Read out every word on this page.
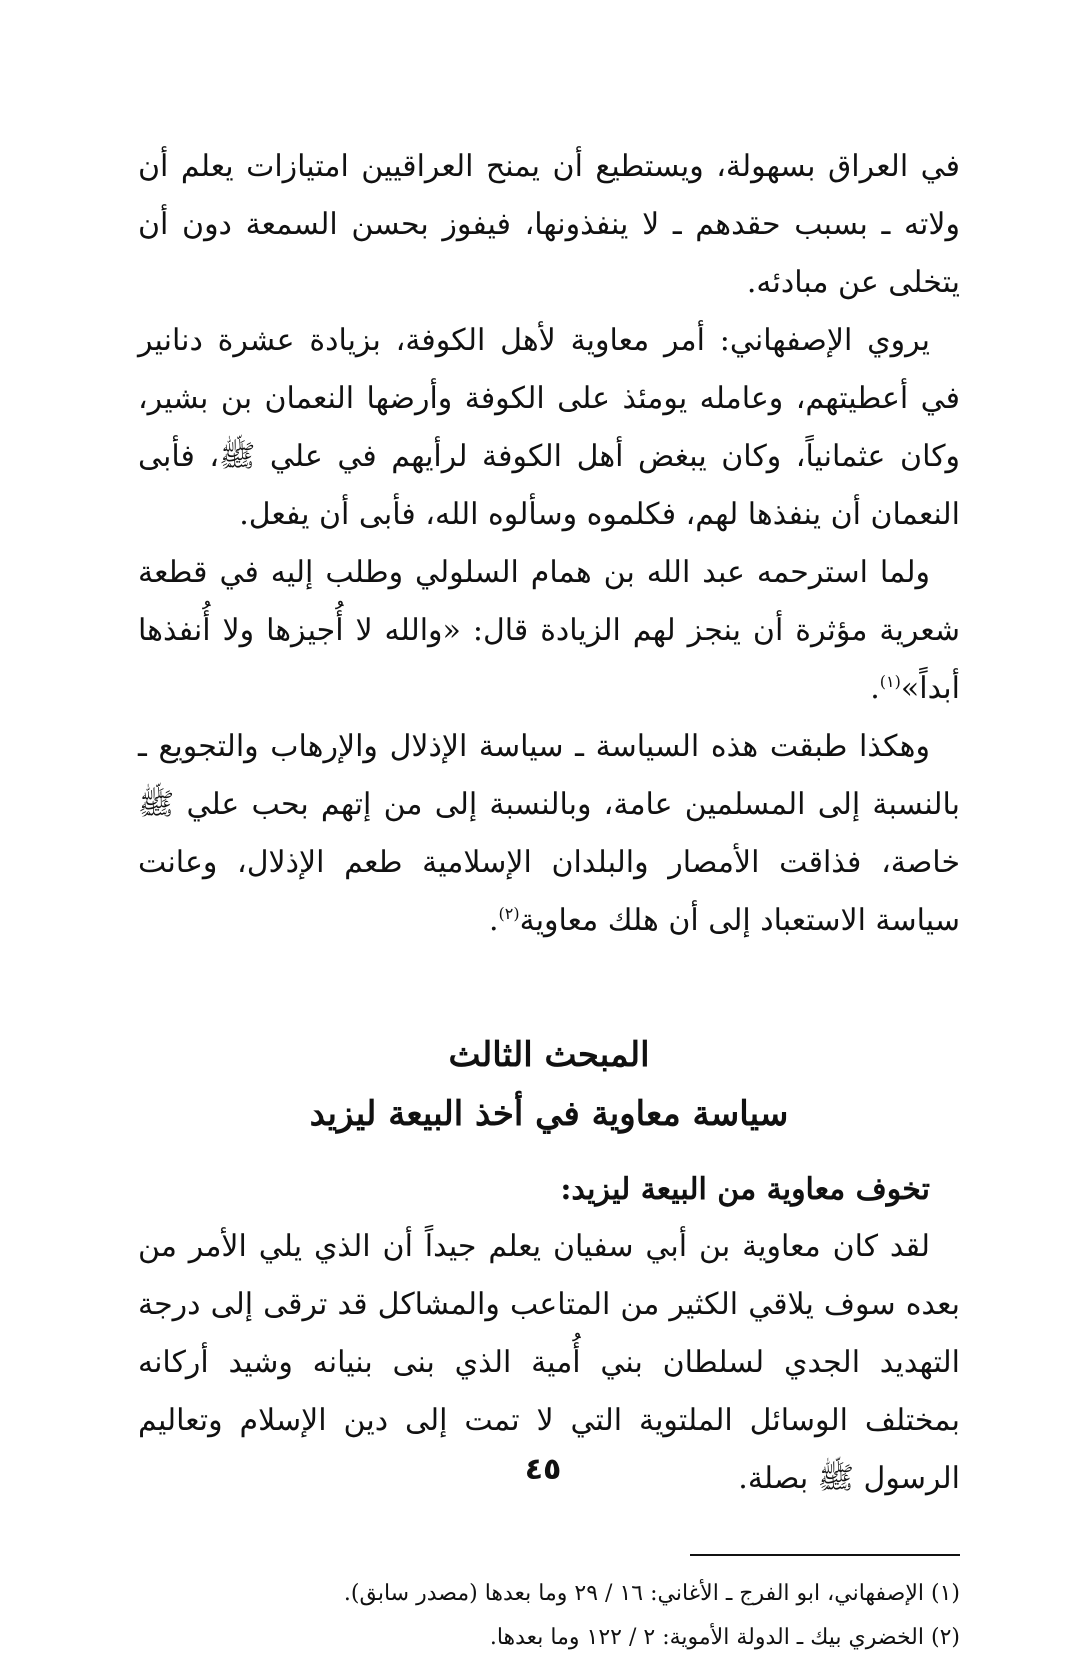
في العراق بسهولة، ويستطيع أن يمنح العراقيين امتيازات يعلم أن ولاته ـ بسبب حقدهم ـ لا ينفذونها، فيفوز بحسن السمعة دون أن يتخلى عن مبادئه.

يروي الإصفهاني: أمر معاوية لأهل الكوفة، بزيادة عشرة دنانير في أعطيتهم، وعامله يومئذ على الكوفة وأرضها النعمان بن بشير، وكان عثمانياً، وكان يبغض أهل الكوفة لرأيهم في علي ﷺ، فأبى النعمان أن ينفذها لهم، فكلموه وسألوه الله، فأبى أن يفعل.

ولما استرحمه عبد الله بن همام السلولي وطلب إليه في قطعة شعرية مؤثرة أن ينجز لهم الزيادة قال: «والله لا أُجيزها ولا أُنفذها أبداً»$^{(١)}$.

وهكذا طبقت هذه السياسة ـ سياسة الإذلال والإرهاب والتجويع ـ بالنسبة إلى المسلمين عامة، وبالنسبة إلى من إتهم بحب علي ﷺ خاصة، فذاقت الأمصار والبلدان الإسلامية طعم الإذلال، وعانت سياسة الاستعباد إلى أن هلك معاوية$^{(٢)}$.

المبحث الثالث

سياسة معاوية في أخذ البيعة ليزيد

تخوف معاوية من البيعة ليزيد:

لقد كان معاوية بن أبي سفيان يعلم جيداً أن الذي يلي الأمر من بعده سوف يلاقي الكثير من المتاعب والمشاكل قد ترقى إلى درجة التهديد الجدي لسلطان بني أُمية الذي بنى بنيانه وشيد أركانه بمختلف الوسائل الملتوية التي لا تمت إلى دين الإسلام وتعاليم الرسول ﷺ بصلة.

(١) الإصفهاني، ابو الفرج ـ الأغاني: ١٦ / ٢٩ وما بعدها (مصدر سابق).

(٢) الخضري بيك ـ الدولة الأموية: ٢ / ١٢٢ وما بعدها.

٤٥
